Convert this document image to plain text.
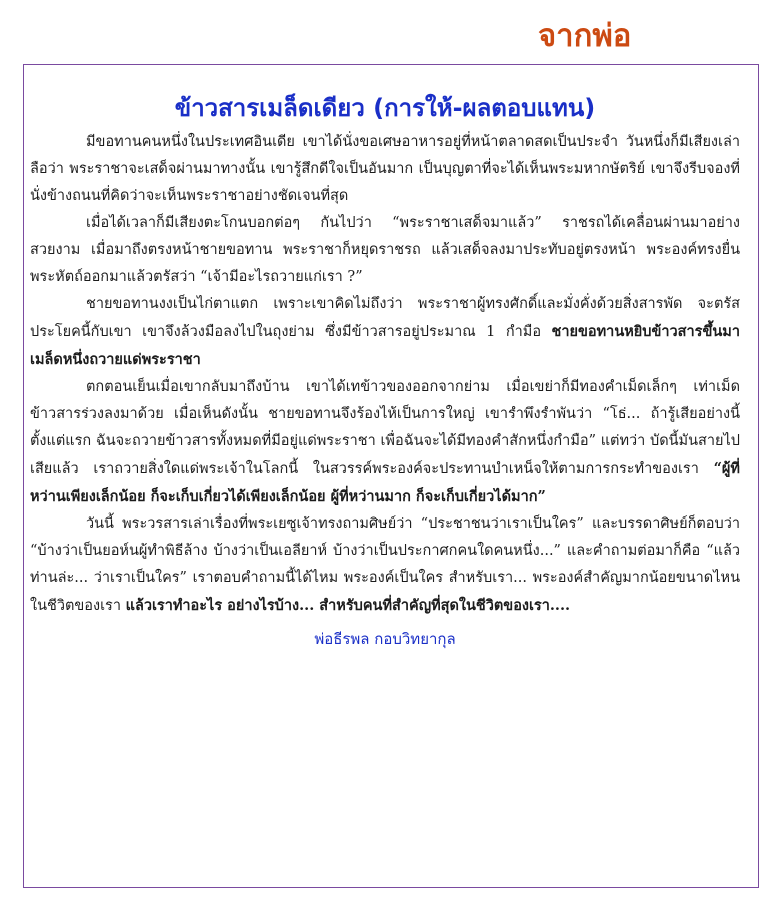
จากพ่อ
ข้าวสารเมล็ดเดียว (การให้-ผลตอบแทน)

มีขอทานคนหนึ่งในประเทศอินเดีย เขาได้นั่งขอเศษอาหารอยู่ที่หน้าตลาดสดเป็นประจำ วันหนึ่งก็มีเสียงเล่าลือว่า พระราชาจะเสด็จผ่านมาทางนั้น เขารู้สึกดีใจเป็นอันมาก เป็นบุญตาที่จะได้เห็นพระมหากษัตริย์ เขาจึงรีบจองที่นั่งข้างถนนที่คิดว่าจะเห็นพระราชาอย่างชัดเจนที่สุด

เมื่อได้เวลาก็มีเสียงตะโกนบอกต่อๆ กันไปว่า “พระราชาเสด็จมาแล้ว” ราชรถได้เคลื่อนผ่านมาอย่างสวยงาม เมื่อมาถึงตรงหน้าชายขอทาน พระราชาก็หยุดราชรถ แล้วเสด็จลงมาประทับอยู่ตรงหน้า พระองค์ทรงยื่นพระหัตถ์ออกมาแล้วตรัสว่า “เจ้ามีอะไรถวายแก่เรา ?”

ชายขอทานงงเป็นไก่ตาแตก เพราะเขาคิดไม่ถึงว่า พระราชาผู้ทรงศักดิ์และมั่งคั่งด้วยสิ่งสารพัด จะตรัสประโยคนี้กับเขา เขาจึงล้วงมือลงไปในถุงย่าม ซึ่งมีข้าวสารอยู่ประมาณ 1 กำมือ ชายขอทานหยิบข้าวสารขึ้นมาเมล็ดหนึ่งถวายแด่พระราชา

ตกตอนเย็นเมื่อเขากลับมาถึงบ้าน เขาได้เทข้าวของออกจากย่าม เมื่อเขย่าก็มีทองคำเม็ดเล็กๆ เท่าเม็ดข้าวสารร่วงลงมาด้วย เมื่อเห็นดังนั้น ชายขอทานจึงร้องไห้เป็นการใหญ่ เขารำพึงรำพันว่า “โธ่... ถ้ารู้เสียอย่างนี้ตั้งแต่แรก ฉันจะถวายข้าวสารทั้งหมดที่มีอยู่แด่พระราชา เพื่อฉันจะได้มีทองคำสักหนึ่งกำมือ” แต่ทว่า บัดนี้มันสายไปเสียแล้ว เราถวายสิ่งใดแด่พระเจ้าในโลกนี้ ในสวรรค์พระองค์จะประทานบำเหน็จให้ตามการกระทำของเรา “ผู้ที่หว่านเพียงเล็กน้อย ก็จะเก็บเกี่ยวได้เพียงเล็กน้อย ผู้ที่หว่านมาก ก็จะเก็บเกี่ยวได้มาก”

วันนี้ พระวรสารเล่าเรื่องที่พระเยซูเจ้าทรงถามศิษย์ว่า “ประชาชนว่าเราเป็นใคร” และบรรดาศิษย์ก็ตอบว่า “บ้างว่าเป็นยอห์นผู้ทำพิธีล้าง บ้างว่าเป็นเอลียาห์ บ้างว่าเป็นประกาศกคนใดคนหนึ่ง...” และคำถามต่อมาก็คือ “แล้วท่านล่ะ... ว่าเราเป็นใคร” เราตอบคำถามนี้ได้ไหม พระองค์เป็นใคร สำหรับเรา... พระองค์สำคัญมากน้อยขนาดไหนในชีวิตของเรา แล้วเราทำอะไร อย่างไรบ้าง... สำหรับคนที่สำคัญที่สุดในชีวิตของเรา....

พ่อธีรพล กอบวิทยากุล
